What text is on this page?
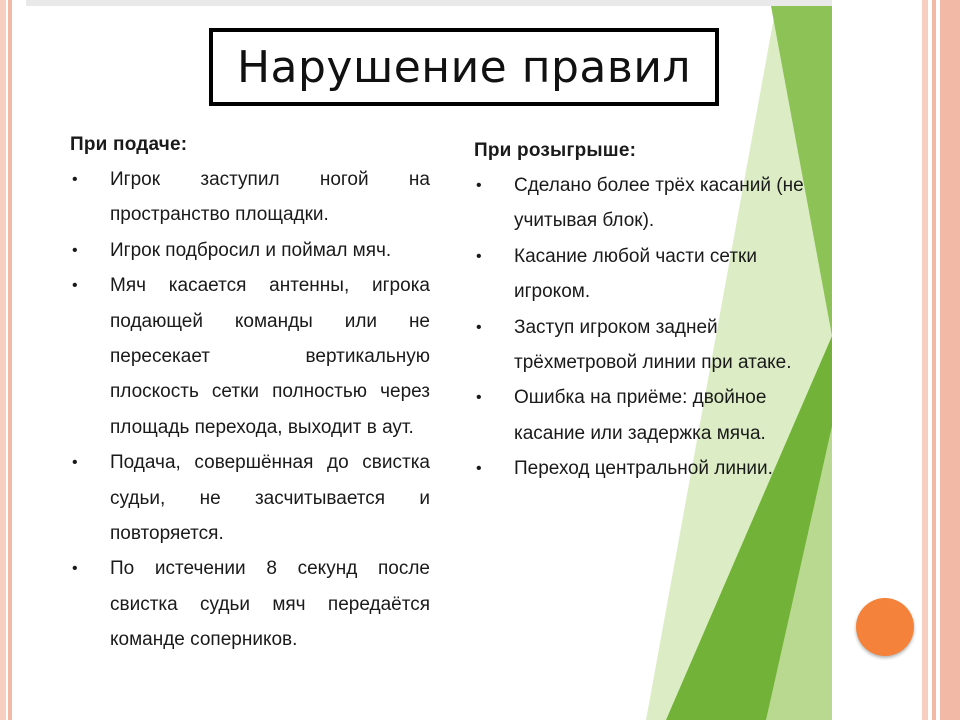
Нарушение правил
При подаче:
• Игрок заступил ногой на пространство площадки.
• Игрок подбросил и поймал мяч.
• Мяч касается антенны, игрока подающей команды или не пересекает вертикальную плоскость сетки полностью через площадь перехода, выходит в аут.
• Подача, совершённая до свистка судьи, не засчитывается и повторяется.
• По истечении 8 секунд после свистка судьи мяч передаётся команде соперников.
При розыгрыше:
• Сделано более трёх касаний (не учитывая блок).
• Касание любой части сетки игроком.
• Заступ игроком задней трёхметровой линии при атаке.
• Ошибка на приёме: двойное касание или задержка мяча.
• Переход центральной линии.
